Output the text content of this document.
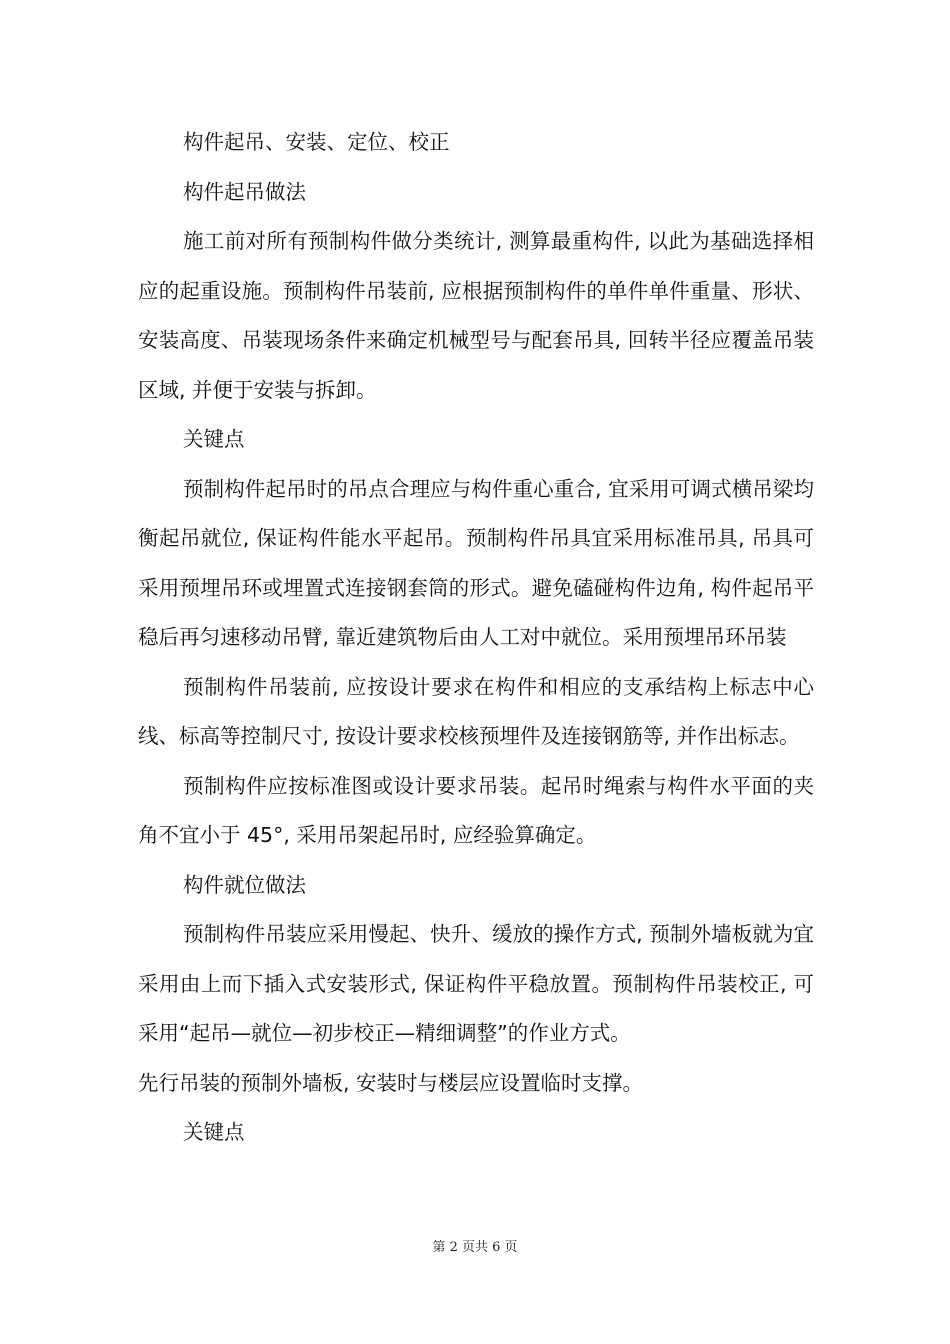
构件起吊、安装、定位、校正

构件起吊做法

施工前对所有预制构件做分类统计, 测算最重构件, 以此为基础选择相应的起重设施。预制构件吊装前, 应根据预制构件的单件单件重量、形状、安装高度、吊装现场条件来确定机械型号与配套吊具, 回转半径应覆盖吊装区域, 并便于安装与拆卸。

关键点

预制构件起吊时的吊点合理应与构件重心重合, 宜采用可调式横吊梁均衡起吊就位, 保证构件能水平起吊。预制构件吊具宜采用标准吊具, 吊具可采用预埋吊环或埋置式连接钢套筒的形式。避免磕碰构件边角, 构件起吊平稳后再匀速移动吊臂, 靠近建筑物后由人工对中就位。采用预埋吊环吊装

预制构件吊装前, 应按设计要求在构件和相应的支承结构上标志中心线、标高等控制尺寸, 按设计要求校核预埋件及连接钢筋等, 并作出标志。

预制构件应按标准图或设计要求吊装。起吊时绳索与构件水平面的夹角不宜小于 45°, 采用吊架起吊时, 应经验算确定。

构件就位做法

预制构件吊装应采用慢起、快升、缓放的操作方式, 预制外墙板就为宜采用由上而下插入式安装形式, 保证构件平稳放置。预制构件吊装校正, 可采用“起吊—就位—初步校正—精细调整”的作业方式。

先行吊装的预制外墙板, 安装时与楼层应设置临时支撑。

关键点

第 2 页共 6 页
